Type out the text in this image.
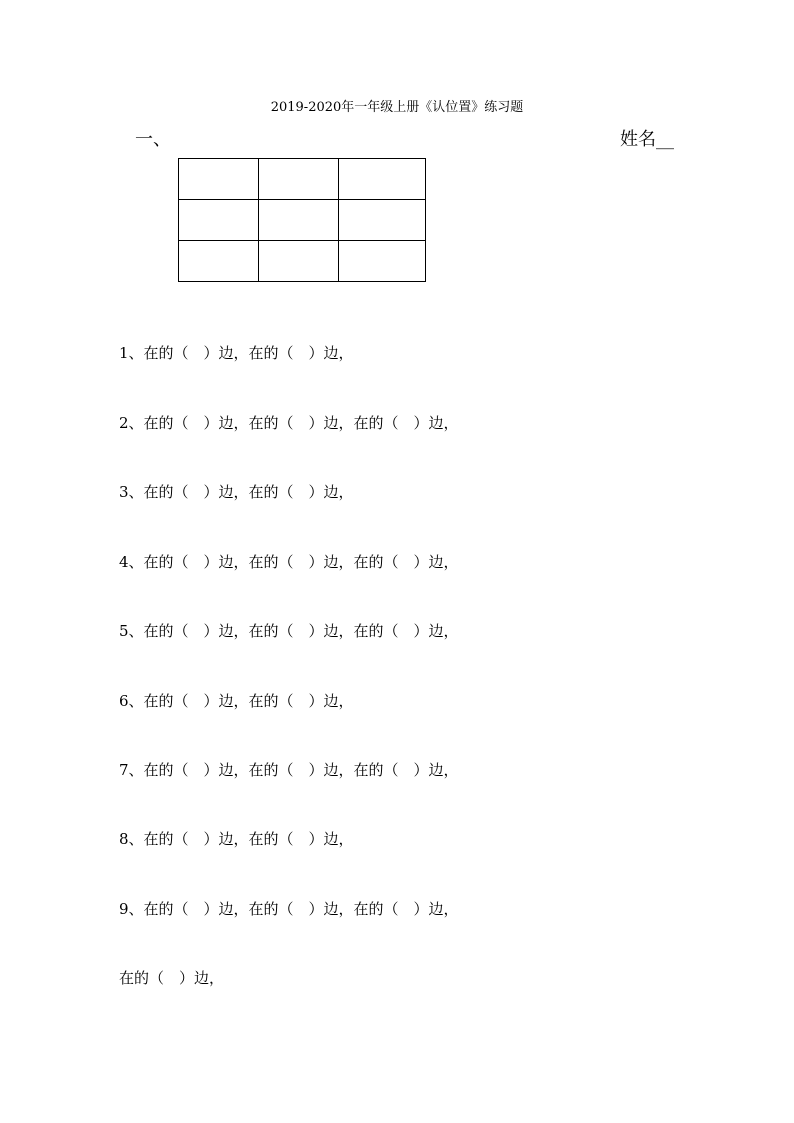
2019-2020年一年级上册《认位置》练习题
一、	姓名__

1、在的（　）边，在的（　）边，
2、在的（　）边，在的（　）边，在的（　）边，
3、在的（　）边，在的（　）边，
4、在的（　）边，在的（　）边，在的（　）边，
5、在的（　）边，在的（　）边，在的（　）边，
6、在的（　）边，在的（　）边，
7、在的（　）边，在的（　）边，在的（　）边，
8、在的（　）边，在的（　）边，
9、在的（　）边，在的（　）边，在的（　）边，
在的（　）边，
